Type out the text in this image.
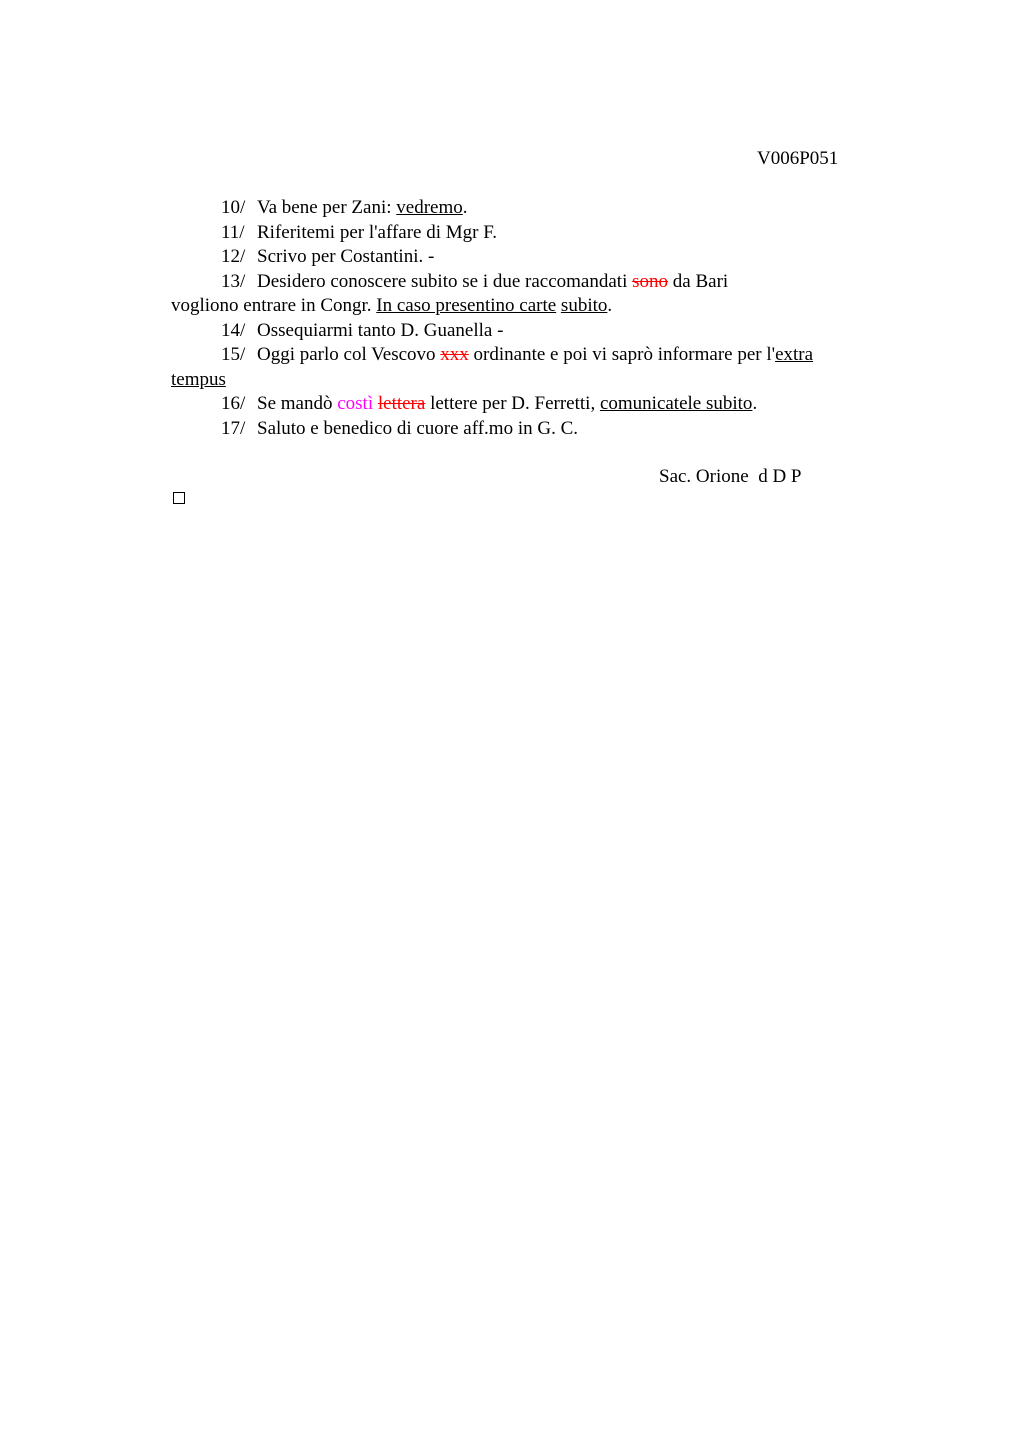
V006P051
10/ Va bene per Zani: vedremo.
11/ Riferitemi per l'affare di Mgr F.
12/ Scrivo per Costantini. -
13/ Desidero conoscere subito se i due raccomandati sono da Bari
vogliono entrare in Congr. In caso presentino carte subito.
14/ Ossequiarmi tanto D. Guanella -
15/ Oggi parlo col Vescovo xxx ordinante e poi vi saprò informare per l'extra
tempus
16/ Se mandò costì lettera lettere per D. Ferretti, comunicatele subito.
17/ Saluto e benedico di cuore aff.mo in G. C.
Sac. Orione  d D P
